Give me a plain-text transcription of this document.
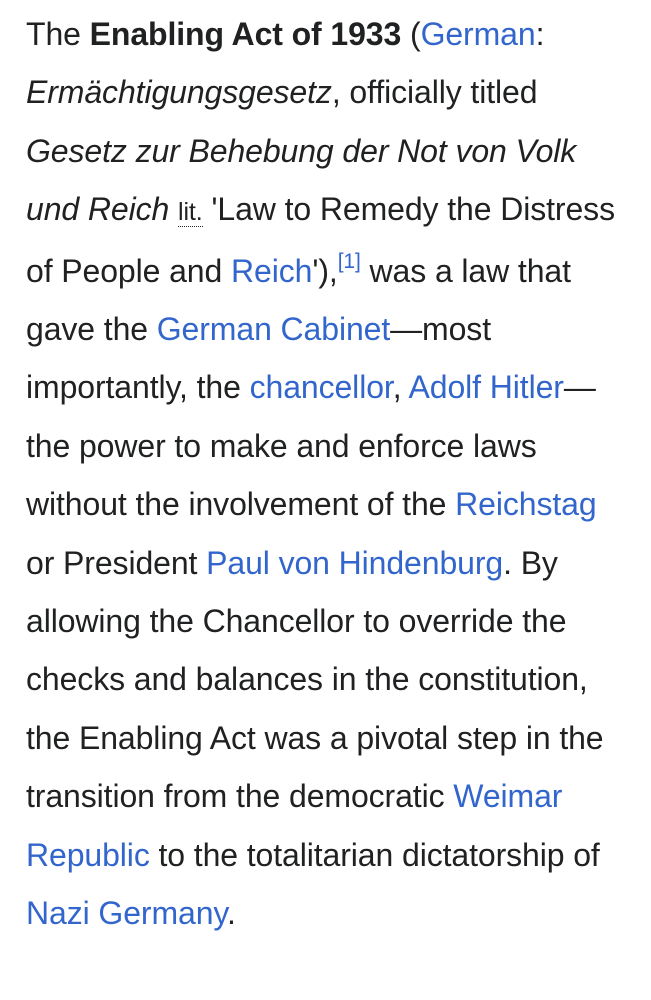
The Enabling Act of 1933 (German: Ermächtigungsgesetz, officially titled Gesetz zur Behebung der Not von Volk und Reich lit. 'Law to Remedy the Distress of People and Reich'),[1] was a law that gave the German Cabinet—most importantly, the chancellor, Adolf Hitler—the power to make and enforce laws without the involvement of the Reichstag or President Paul von Hindenburg. By allowing the Chancellor to override the checks and balances in the constitution, the Enabling Act was a pivotal step in the transition from the democratic Weimar Republic to the totalitarian dictatorship of Nazi Germany.
